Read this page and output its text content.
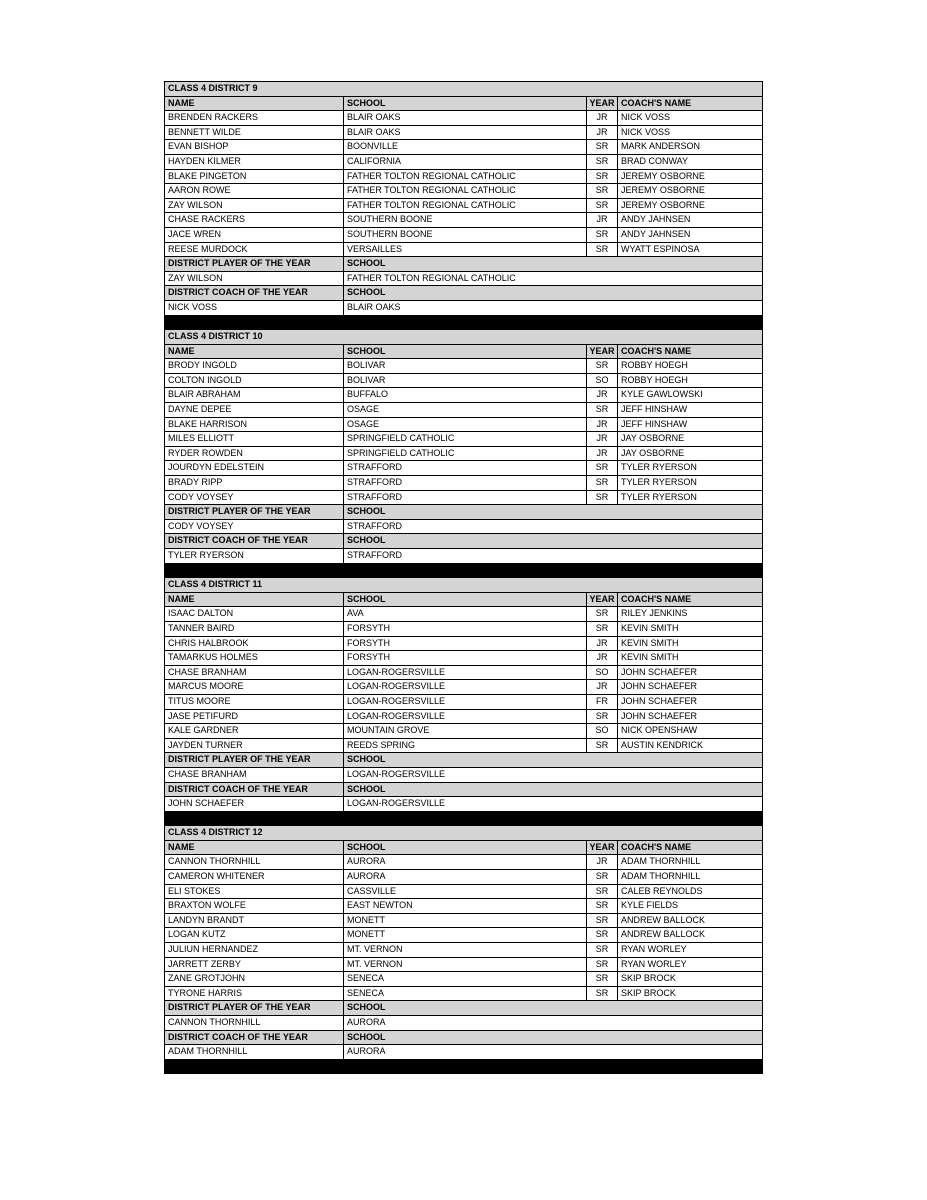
CLASS 4 DISTRICT 9			
NAME	SCHOOL	YEAR	COACH'S NAME
BRENDEN RACKERS	BLAIR OAKS	JR	NICK VOSS
BENNETT WILDE	BLAIR OAKS	JR	NICK VOSS
EVAN BISHOP	BOONVILLE	SR	MARK ANDERSON
HAYDEN KILMER	CALIFORNIA	SR	BRAD CONWAY
BLAKE PINGETON	FATHER TOLTON REGIONAL CATHOLIC	SR	JEREMY OSBORNE
AARON ROWE	FATHER TOLTON REGIONAL CATHOLIC	SR	JEREMY OSBORNE
ZAY WILSON	FATHER TOLTON REGIONAL CATHOLIC	SR	JEREMY OSBORNE
CHASE RACKERS	SOUTHERN BOONE	JR	ANDY JAHNSEN
JACE WREN	SOUTHERN BOONE	SR	ANDY JAHNSEN
REESE MURDOCK	VERSAILLES	SR	WYATT ESPINOSA
DISTRICT PLAYER OF THE YEAR	SCHOOL		
ZAY WILSON	FATHER TOLTON REGIONAL CATHOLIC		
DISTRICT COACH OF THE YEAR	SCHOOL		
NICK VOSS	BLAIR OAKS		

CLASS 4 DISTRICT 10			
NAME	SCHOOL	YEAR	COACH'S NAME
BRODY INGOLD	BOLIVAR	SR	ROBBY HOEGH
COLTON INGOLD	BOLIVAR	SO	ROBBY HOEGH
BLAIR ABRAHAM	BUFFALO	JR	KYLE GAWLOWSKI
DAYNE DEPEE	OSAGE	SR	JEFF HINSHAW
BLAKE HARRISON	OSAGE	JR	JEFF HINSHAW
MILES ELLIOTT	SPRINGFIELD CATHOLIC	JR	JAY OSBORNE
RYDER ROWDEN	SPRINGFIELD CATHOLIC	JR	JAY OSBORNE
JOURDYN EDELSTEIN	STRAFFORD	SR	TYLER RYERSON
BRADY RIPP	STRAFFORD	SR	TYLER RYERSON
CODY VOYSEY	STRAFFORD	SR	TYLER RYERSON
DISTRICT PLAYER OF THE YEAR	SCHOOL		
CODY VOYSEY	STRAFFORD		
DISTRICT COACH OF THE YEAR	SCHOOL		
TYLER RYERSON	STRAFFORD		

CLASS 4 DISTRICT 11			
NAME	SCHOOL	YEAR	COACH'S NAME
ISAAC DALTON	AVA	SR	RILEY JENKINS
TANNER BAIRD	FORSYTH	SR	KEVIN SMITH
CHRIS HALBROOK	FORSYTH	JR	KEVIN SMITH
TAMARKUS HOLMES	FORSYTH	JR	KEVIN SMITH
CHASE BRANHAM	LOGAN-ROGERSVILLE	SO	JOHN SCHAEFER
MARCUS MOORE	LOGAN-ROGERSVILLE	JR	JOHN SCHAEFER
TITUS MOORE	LOGAN-ROGERSVILLE	FR	JOHN SCHAEFER
JASE PETIFURD	LOGAN-ROGERSVILLE	SR	JOHN SCHAEFER
KALE GARDNER	MOUNTAIN GROVE	SO	NICK OPENSHAW
JAYDEN TURNER	REEDS SPRING	SR	AUSTIN KENDRICK
DISTRICT PLAYER OF THE YEAR	SCHOOL		
CHASE BRANHAM	LOGAN-ROGERSVILLE		
DISTRICT COACH OF THE YEAR	SCHOOL		
JOHN SCHAEFER	LOGAN-ROGERSVILLE		

CLASS 4 DISTRICT 12			
NAME	SCHOOL	YEAR	COACH'S NAME
CANNON THORNHILL	AURORA	JR	ADAM THORNHILL
CAMERON WHITENER	AURORA	SR	ADAM THORNHILL
ELI STOKES	CASSVILLE	SR	CALEB REYNOLDS
BRAXTON WOLFE	EAST NEWTON	SR	KYLE FIELDS
LANDYN BRANDT	MONETT	SR	ANDREW BALLOCK
LOGAN KUTZ	MONETT	SR	ANDREW BALLOCK
JULIUN HERNANDEZ	MT. VERNON	SR	RYAN WORLEY
JARRETT ZERBY	MT. VERNON	SR	RYAN WORLEY
ZANE GROTJOHN	SENECA	SR	SKIP BROCK
TYRONE HARRIS	SENECA	SR	SKIP BROCK
DISTRICT PLAYER OF THE YEAR	SCHOOL		
CANNON THORNHILL	AURORA		
DISTRICT COACH OF THE YEAR	SCHOOL		
ADAM THORNHILL	AURORA		
